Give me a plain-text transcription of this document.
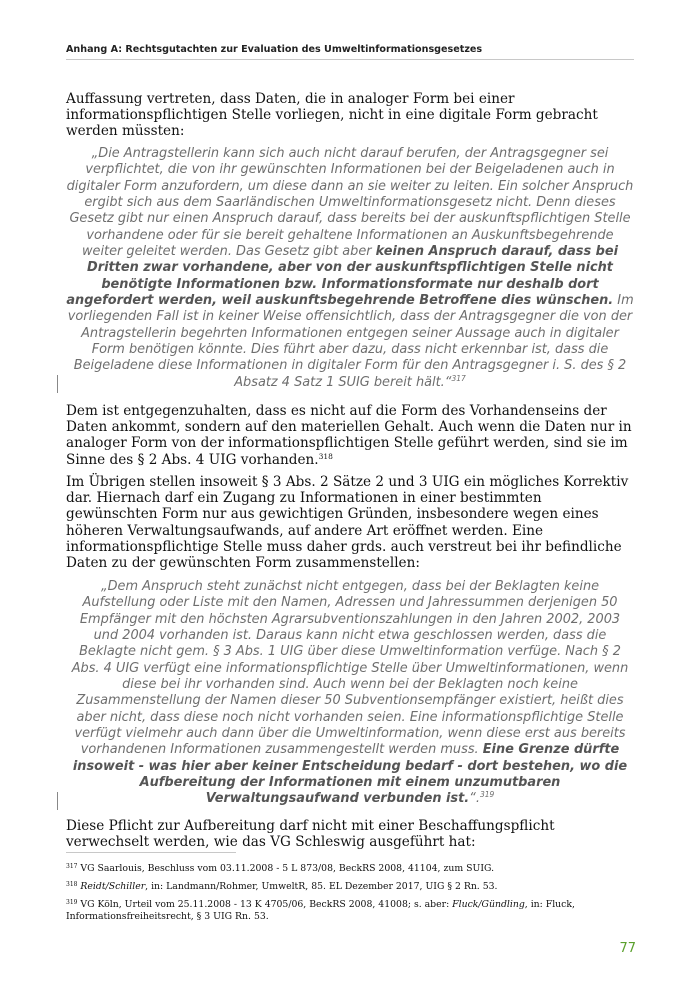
Anhang A: Rechtsgutachten zur Evaluation des Umweltinformationsgesetzes

Auffassung vertreten, dass Daten, die in analoger Form bei einer informationspflichtigen Stelle vorliegen, nicht in eine digitale Form gebracht werden müssten:

„Die Antragstellerin kann sich auch nicht darauf berufen, der Antragsgegner sei verpflichtet, die von ihr gewünschten Informationen bei der Beigeladenen auch in digitaler Form anzufordern, um diese dann an sie weiter zu leiten. Ein solcher Anspruch ergibt sich aus dem Saarländischen Umweltinformationsgesetz nicht. Denn dieses Gesetz gibt nur einen Anspruch darauf, dass bereits bei der auskunftspflichtigen Stelle vorhandene oder für sie bereit gehaltene Informationen an Auskunftsbegehrende weiter geleitet werden. Das Gesetz gibt aber keinen Anspruch darauf, dass bei Dritten zwar vorhandene, aber von der auskunftspflichtigen Stelle nicht benötigte Informationen bzw. Informationsformate nur deshalb dort angefordert werden, weil auskunftsbegehrende Betroffene dies wünschen. Im vorliegenden Fall ist in keiner Weise offensichtlich, dass der Antragsgegner die von der Antragstellerin begehrten Informationen entgegen seiner Aussage auch in digitaler Form benötigen könnte. Dies führt aber dazu, dass nicht erkennbar ist, dass die Beigeladene diese Informationen in digitaler Form für den Antragsgegner i. S. des § 2 Absatz 4 Satz 1 SUIG bereit hält.“$^{317}$

Dem ist entgegenzuhalten, dass es nicht auf die Form des Vorhandenseins der Daten ankommt, sondern auf den materiellen Gehalt. Auch wenn die Daten nur in analoger Form von der informationspflichtigen Stelle geführt werden, sind sie im Sinne des § 2 Abs. 4 UIG vorhanden.$^{318}$

Im Übrigen stellen insoweit § 3 Abs. 2 Sätze 2 und 3 UIG ein mögliches Korrektiv dar. Hiernach darf ein Zugang zu Informationen in einer bestimmten gewünschten Form nur aus gewichtigen Gründen, insbesondere wegen eines höheren Verwaltungsaufwands, auf andere Art eröffnet werden. Eine informationspflichtige Stelle muss daher grds. auch verstreut bei ihr befindliche Daten zu der gewünschten Form zusammenstellen:

„Dem Anspruch steht zunächst nicht entgegen, dass bei der Beklagten keine Aufstellung oder Liste mit den Namen, Adressen und Jahressummen derjenigen 50 Empfänger mit den höchsten Agrarsubventionszahlungen in den Jahren 2002, 2003 und 2004 vorhanden ist. Daraus kann nicht etwa geschlossen werden, dass die Beklagte nicht gem. § 3 Abs. 1 UIG über diese Umweltinformation verfüge. Nach § 2 Abs. 4 UIG verfügt eine informationspflichtige Stelle über Umweltinformationen, wenn diese bei ihr vorhanden sind. Auch wenn bei der Beklagten noch keine Zusammenstellung der Namen dieser 50 Subventionsempfänger existiert, heißt dies aber nicht, dass diese noch nicht vorhanden seien. Eine informationspflichtige Stelle verfügt vielmehr auch dann über die Umweltinformation, wenn diese erst aus bereits vorhandenen Informationen zusammengestellt werden muss. Eine Grenze dürfte insoweit - was hier aber keiner Entscheidung bedarf - dort bestehen, wo die Aufbereitung der Informationen mit einem unzumutbaren Verwaltungsaufwand verbunden ist.“.$^{319}$

Diese Pflicht zur Aufbereitung darf nicht mit einer Beschaffungspflicht verwechselt werden, wie das VG Schleswig ausgeführt hat:

$^{317}$ VG Saarlouis, Beschluss vom 03.11.2008 - 5 L 873/08, BeckRS 2008, 41104, zum SUIG.

$^{318}$ Reidt/Schiller, in: Landmann/Rohmer, UmweltR, 85. EL Dezember 2017, UIG § 2 Rn. 53.

$^{319}$ VG Köln, Urteil vom 25.11.2008 - 13 K 4705/06, BeckRS 2008, 41008; s. aber: Fluck/Gündling, in: Fluck, Informationsfreiheitsrecht, § 3 UIG Rn. 53.

77
